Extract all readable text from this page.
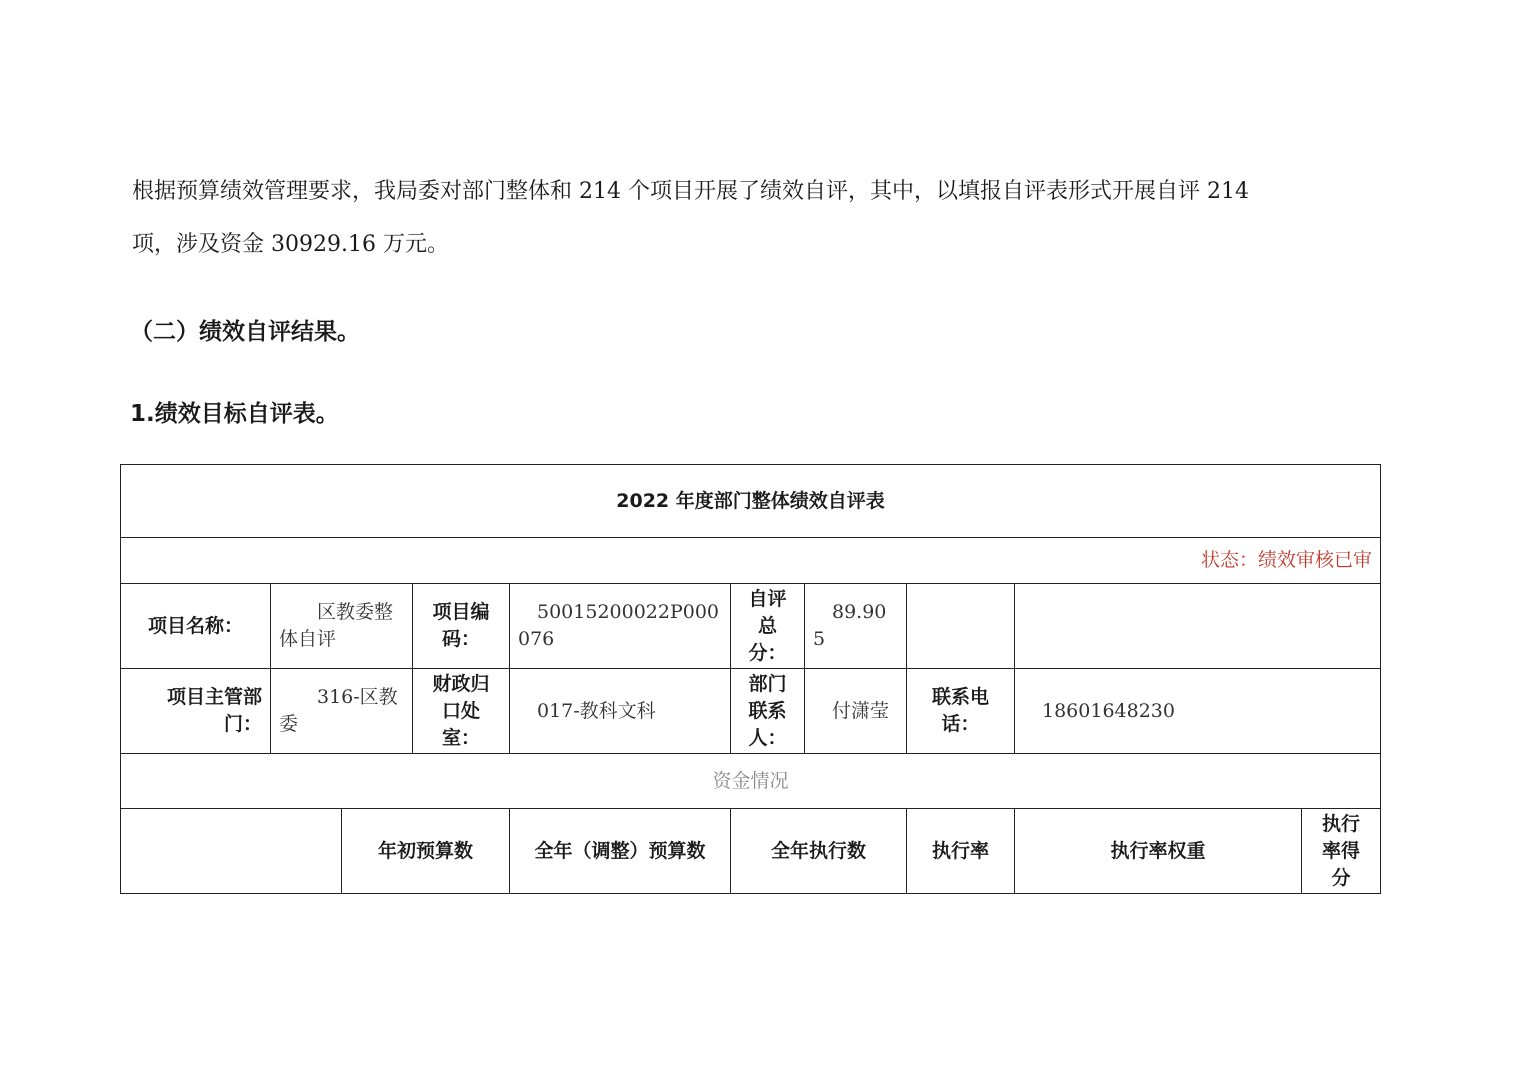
根据预算绩效管理要求，我局委对部门整体和 214 个项目开展了绩效自评，其中，以填报自评表形式开展自评 214
项，涉及资金 30929.16 万元。
（二）绩效自评结果。
1.绩效目标自评表。
2022 年度部门整体绩效自评表									
状态：绩效审核已审									
项目名称：	区教委整体自评		项目编码：	50015200022P000076	自评总分：	89.905			

项目主管部门：	316-区教委		财政归口处室：	017-教科文科	部门联系人：	付潇莹	联系电话：	18601648230	

资金情况									
		年初预算数		全年（调整）预算数	全年执行数		执行率	执行率权重	执行率得分
